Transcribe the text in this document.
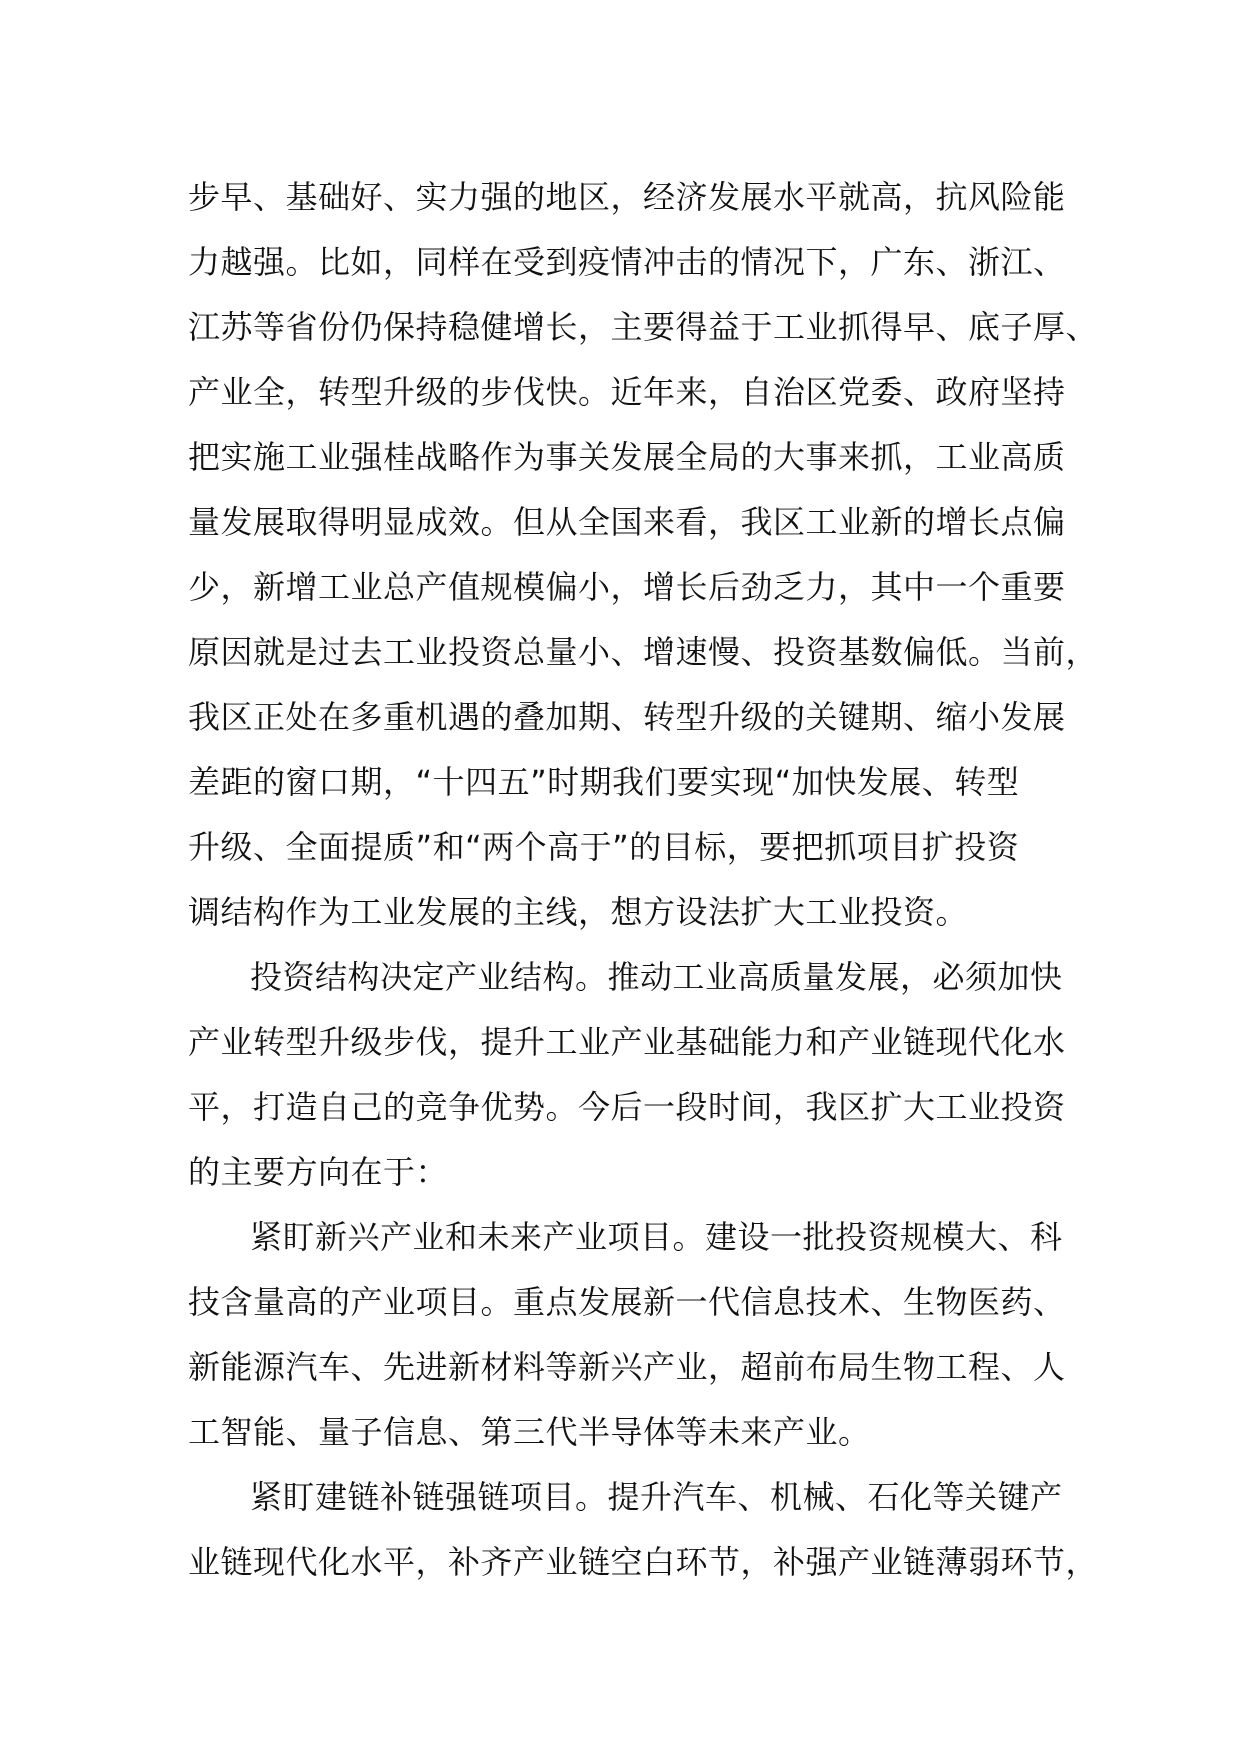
步早、基础好、实力强的地区，经济发展水平就高，抗风险能
力越强。比如，同样在受到疫情冲击的情况下，广东、浙江、
江苏等省份仍保持稳健增长，主要得益于工业抓得早、底子厚、
产业全，转型升级的步伐快。近年来，自治区党委、政府坚持
把实施工业强桂战略作为事关发展全局的大事来抓，工业高质
量发展取得明显成效。但从全国来看，我区工业新的增长点偏
少，新增工业总产值规模偏小，增长后劲乏力，其中一个重要
原因就是过去工业投资总量小、增速慢、投资基数偏低。当前，
我区正处在多重机遇的叠加期、转型升级的关键期、缩小发展
差距的窗口期，“十四五”时期我们要实现“加快发展、转型
升级、全面提质”和“两个高于”的目标，要把抓项目扩投资
调结构作为工业发展的主线，想方设法扩大工业投资。
投资结构决定产业结构。推动工业高质量发展，必须加快
产业转型升级步伐，提升工业产业基础能力和产业链现代化水
平，打造自己的竞争优势。今后一段时间，我区扩大工业投资
的主要方向在于：
紧盯新兴产业和未来产业项目。建设一批投资规模大、科
技含量高的产业项目。重点发展新一代信息技术、生物医药、
新能源汽车、先进新材料等新兴产业，超前布局生物工程、人
工智能、量子信息、第三代半导体等未来产业。
紧盯建链补链强链项目。提升汽车、机械、石化等关键产
业链现代化水平，补齐产业链空白环节，补强产业链薄弱环节，
